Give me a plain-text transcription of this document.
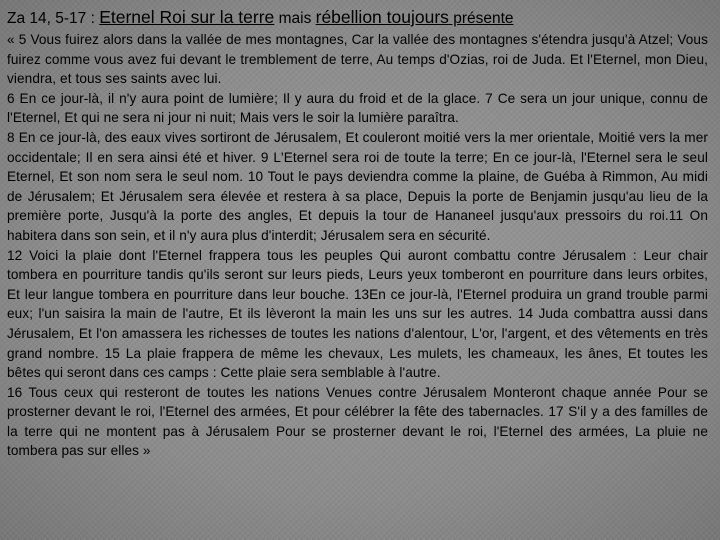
Za 14, 5-17 : Eternel Roi sur la terre mais rébellion toujours présente

« 5 Vous fuirez alors dans la vallée de mes montagnes, Car la vallée des montagnes s'étendra jusqu'à Atzel; Vous fuirez comme vous avez fui devant le tremblement de terre, Au temps d'Ozias, roi de Juda. Et l'Eternel, mon Dieu, viendra, et tous ses saints avec lui.

6 En ce jour-là, il n'y aura point de lumière; Il y aura du froid et de la glace. 7 Ce sera un jour unique, connu de l'Eternel, Et qui ne sera ni jour ni nuit; Mais vers le soir la lumière paraîtra.

8 En ce jour-là, des eaux vives sortiront de Jérusalem, Et couleront moitié vers la mer orientale, Moitié vers la mer occidentale; Il en sera ainsi été et hiver. 9 L'Eternel sera roi de toute la terre; En ce jour-là, l'Eternel sera le seul Eternel, Et son nom sera le seul nom. 10 Tout le pays deviendra comme la plaine, de Guéba à Rimmon, Au midi de Jérusalem; Et Jérusalem sera élevée et restera à sa place, Depuis la porte de Benjamin jusqu'au lieu de la première porte, Jusqu'à la porte des angles, Et depuis la tour de Hananeel jusqu'aux pressoirs du roi.11 On habitera dans son sein, et il n'y aura plus d'interdit; Jérusalem sera en sécurité.

12 Voici la plaie dont l'Eternel frappera tous les peuples Qui auront combattu contre Jérusalem : Leur chair tombera en pourriture tandis qu'ils seront sur leurs pieds, Leurs yeux tomberont en pourriture dans leurs orbites, Et leur langue tombera en pourriture dans leur bouche. 13En ce jour-là, l'Eternel produira un grand trouble parmi eux; l'un saisira la main de l'autre, Et ils lèveront la main les uns sur les autres. 14 Juda combattra aussi dans Jérusalem, Et l'on amassera les richesses de toutes les nations d'alentour, L'or, l'argent, et des vêtements en très grand nombre. 15 La plaie frappera de même les chevaux, Les mulets, les chameaux, les ânes, Et toutes les bêtes qui seront dans ces camps : Cette plaie sera semblable à l'autre.

16 Tous ceux qui resteront de toutes les nations Venues contre Jérusalem Monteront chaque année Pour se prosterner devant le roi, l'Eternel des armées, Et pour célébrer la fête des tabernacles. 17 S'il y a des familles de la terre qui ne montent pas à Jérusalem Pour se prosterner devant le roi, l'Eternel des armées, La pluie ne tombera pas sur elles »
